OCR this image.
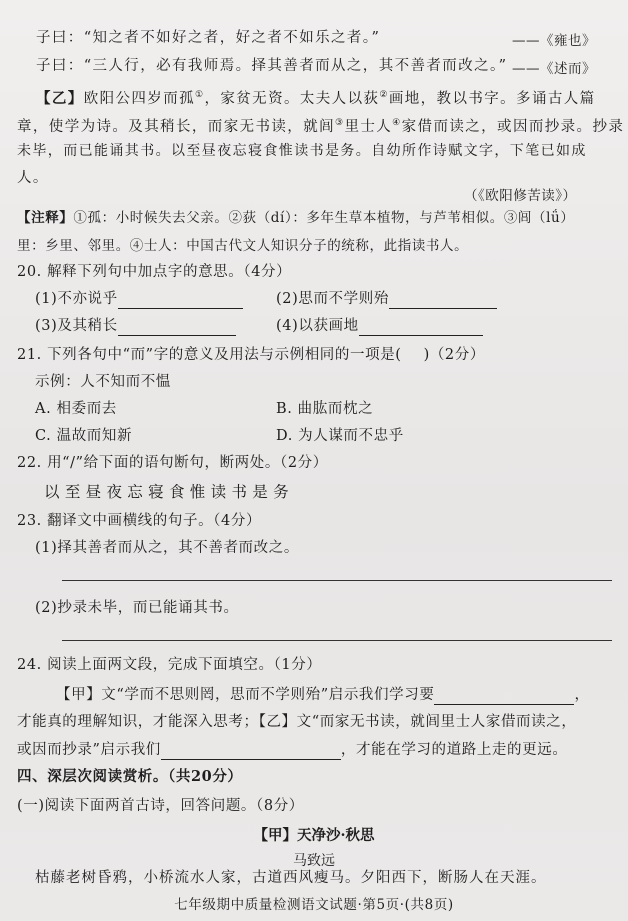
子曰：“知之者不如好之者，好之者不如乐之者。”	——《雍也》
子曰：“三人行，必有我师焉。择其善者而从之，其不善者而改之。” ——《述而》
【乙】欧阳公四岁而孤①，家贫无资。太夫人以荻②画地，教以书字。多诵古人篇
章，使学为诗。及其稍长，而家无书读，就闾③里士人④家借而读之，或因而抄录。抄录
未毕，而已能诵其书。以至昼夜忘寝食惟读书是务。自幼所作诗赋文字，下笔已如成
人。
（《欧阳修苦读》）
【注释】①孤：小时候失去父亲。②荻（dí）：多年生草本植物，与芦苇相似。③闾（lǘ）
里：乡里、邻里。④士人：中国古代文人知识分子的统称，此指读书人。
20. 解释下列句中加点字的意思。（4分）
(1)不亦说乎	(2)思而不学则殆
(3)及其稍长	(4)以获画地
21. 下列各句中“而”字的意义及用法与示例相同的一项是( )（2分）
示例：人不知而不愠
A. 相委而去	B. 曲肱而枕之
C. 温故而知新	D. 为人谋而不忠乎
22. 用“/”给下面的语句断句，断两处。（2分）
以 至 昼 夜 忘 寝 食 惟 读 书 是 务
23. 翻译文中画横线的句子。（4分）
(1)择其善者而从之，其不善者而改之。
(2)抄录未毕，而已能诵其书。
24. 阅读上面两文段，完成下面填空。（1分）
【甲】文“学而不思则罔，思而不学则殆”启示我们学习要	，
才能真的理解知识，才能深入思考；【乙】文“而家无书读，就闾里士人家借而读之，
或因而抄录”启示我们	，才能在学习的道路上走的更远。
四、深层次阅读赏析。（共20分）
(一)阅读下面两首古诗，回答问题。（8分）
【甲】天净沙·秋思
马致远
枯藤老树昏鸦，小桥流水人家，古道西风瘦马。夕阳西下，断肠人在天涯。
七年级期中质量检测语文试题·第5页·(共8页)
